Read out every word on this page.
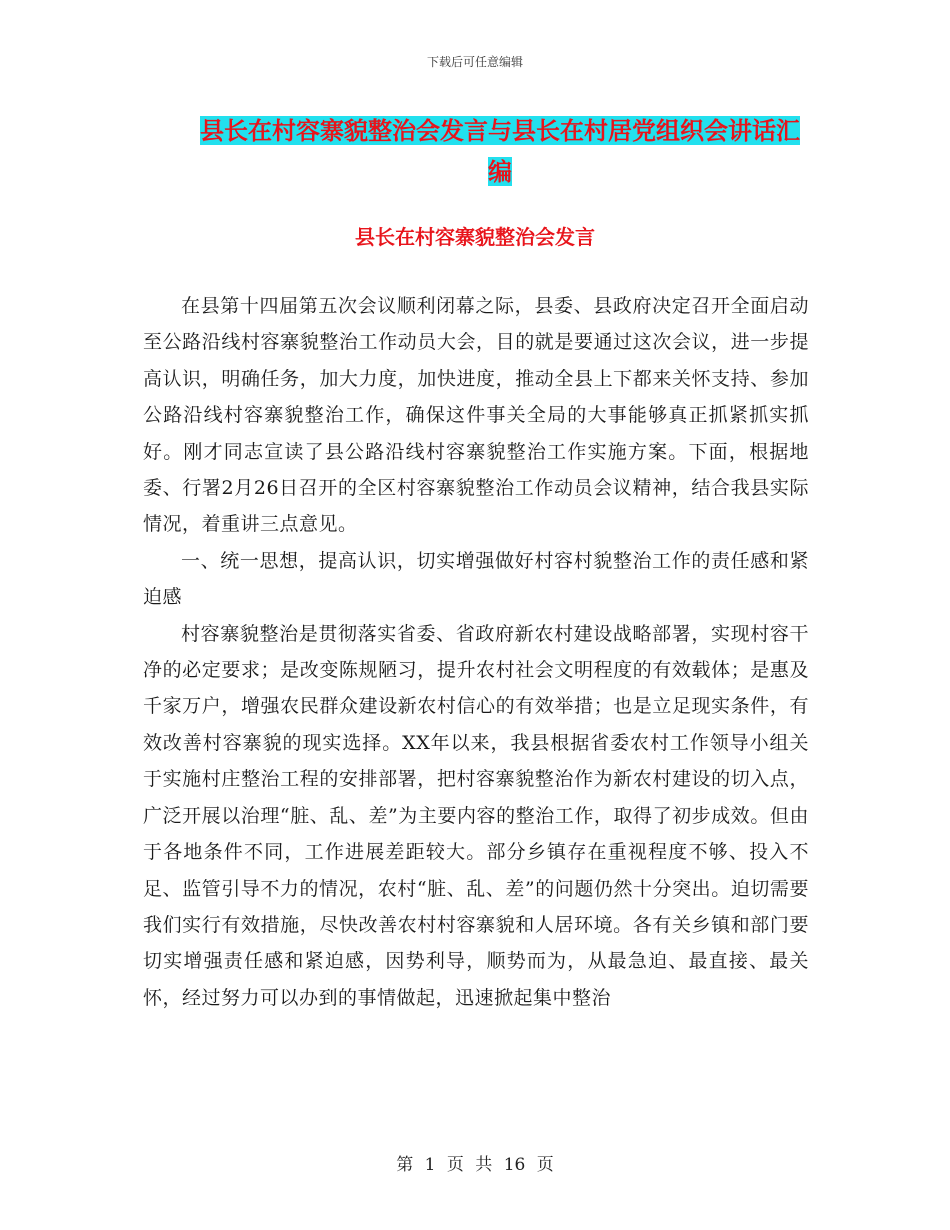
下载后可任意编辑
县长在村容寨貌整治会发言与县长在村居党组织会讲话汇编
县长在村容寨貌整治会发言

在县第十四届第五次会议顺利闭幕之际，县委、县政府决定召开全面启动至公路沿线村容寨貌整治工作动员大会，目的就是要通过这次会议，进一步提高认识，明确任务，加大力度，加快进度，推动全县上下都来关怀支持、参加公路沿线村容寨貌整治工作，确保这件事关全局的大事能够真正抓紧抓实抓好。刚才同志宣读了县公路沿线村容寨貌整治工作实施方案。下面，根据地委、行署2月26日召开的全区村容寨貌整治工作动员会议精神，结合我县实际情况，着重讲三点意见。

一、统一思想，提高认识，切实增强做好村容村貌整治工作的责任感和紧迫感

村容寨貌整治是贯彻落实省委、省政府新农村建设战略部署，实现村容干净的必定要求；是改变陈规陋习，提升农村社会文明程度的有效载体；是惠及千家万户，增强农民群众建设新农村信心的有效举措；也是立足现实条件，有效改善村容寨貌的现实选择。XX年以来，我县根据省委农村工作领导小组关于实施村庄整治工程的安排部署，把村容寨貌整治作为新农村建设的切入点，广泛开展以治理“脏、乱、差”为主要内容的整治工作，取得了初步成效。但由于各地条件不同，工作进展差距较大。部分乡镇存在重视程度不够、投入不足、监管引导不力的情况，农村“脏、乱、差”的问题仍然十分突出。迫切需要我们实行有效措施，尽快改善农村村容寨貌和人居环境。各有关乡镇和部门要切实增强责任感和紧迫感，因势利导，顺势而为，从最急迫、最直接、最关怀，经过努力可以办到的事情做起，迅速掀起集中整治

第 1 页 共 16 页
